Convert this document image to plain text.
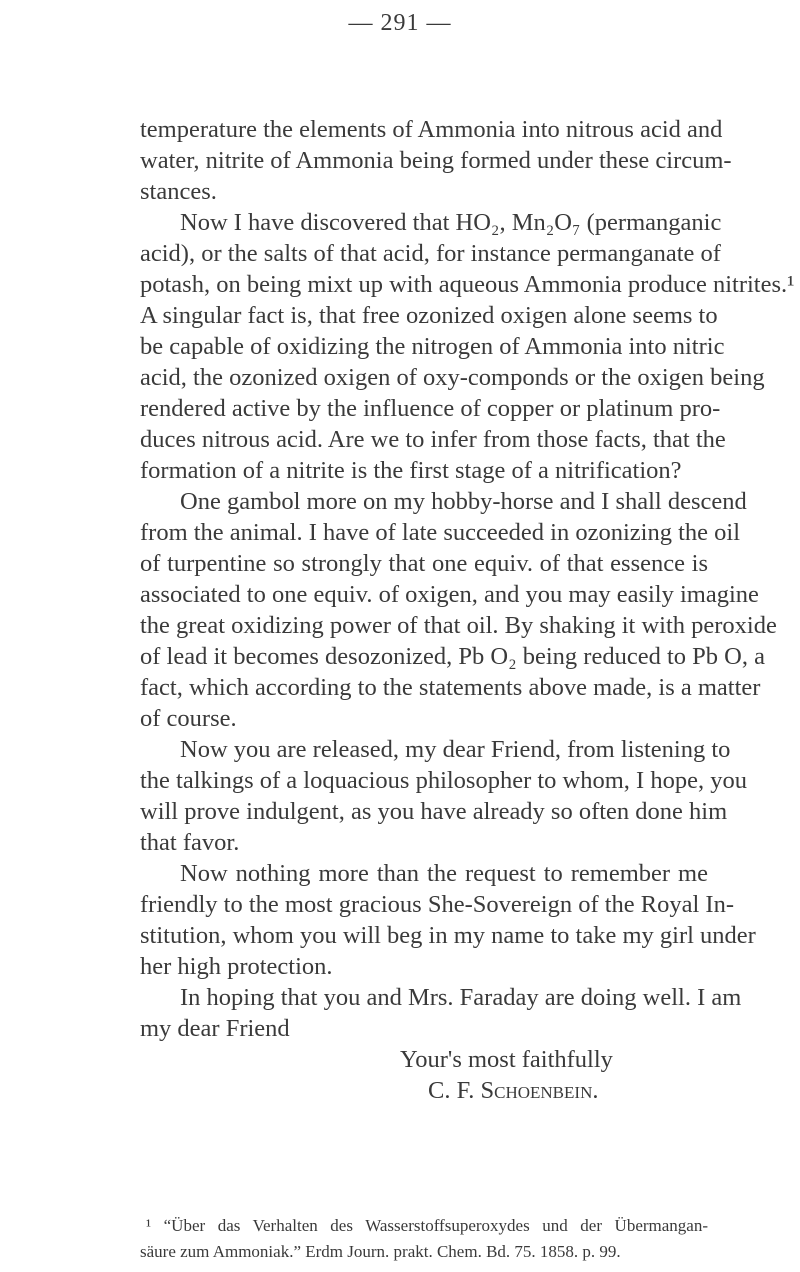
— 291 —
temperature the elements of Ammonia into nitrous acid and
water, nitrite of Ammonia being formed under these circum-
stances.
Now I have discovered that HO₂, Mn₂O₇ (permanganic
acid), or the salts of that acid, for instance permanganate of
potash, on being mixt up with aqueous Ammonia produce nitrites.¹
A singular fact is, that free ozonized oxigen alone seems to
be capable of oxidizing the nitrogen of Ammonia into nitric
acid, the ozonized oxigen of oxy-componds or the oxigen being
rendered active by the influence of copper or platinum pro-
duces nitrous acid. Are we to infer from those facts, that the
formation of a nitrite is the first stage of a nitrification?
One gambol more on my hobby-horse and I shall descend
from the animal. I have of late succeeded in ozonizing the oil
of turpentine so strongly that one equiv. of that essence is
associated to one equiv. of oxigen, and you may easily imagine
the great oxidizing power of that oil. By shaking it with peroxide
of lead it becomes desozonized, Pb O₂ being reduced to Pb O, a
fact, which according to the statements above made, is a matter
of course.
Now you are released, my dear Friend, from listening to
the talkings of a loquacious philosopher to whom, I hope, you
will prove indulgent, as you have already so often done him
that favor.
Now nothing more than the request to remember me
friendly to the most gracious She-Sovereign of the Royal In-
stitution, whom you will beg in my name to take my girl under
her high protection.
In hoping that you and Mrs. Faraday are doing well. I am
my dear Friend
Your's most faithfully
C. F. Schoenbein.
¹ “Über das Verhalten des Wasserstoffsuperoxydes und der Übermangan-
säure zum Ammoniak.” Erdm Journ. prakt. Chem. Bd. 75. 1858. p. 99.
